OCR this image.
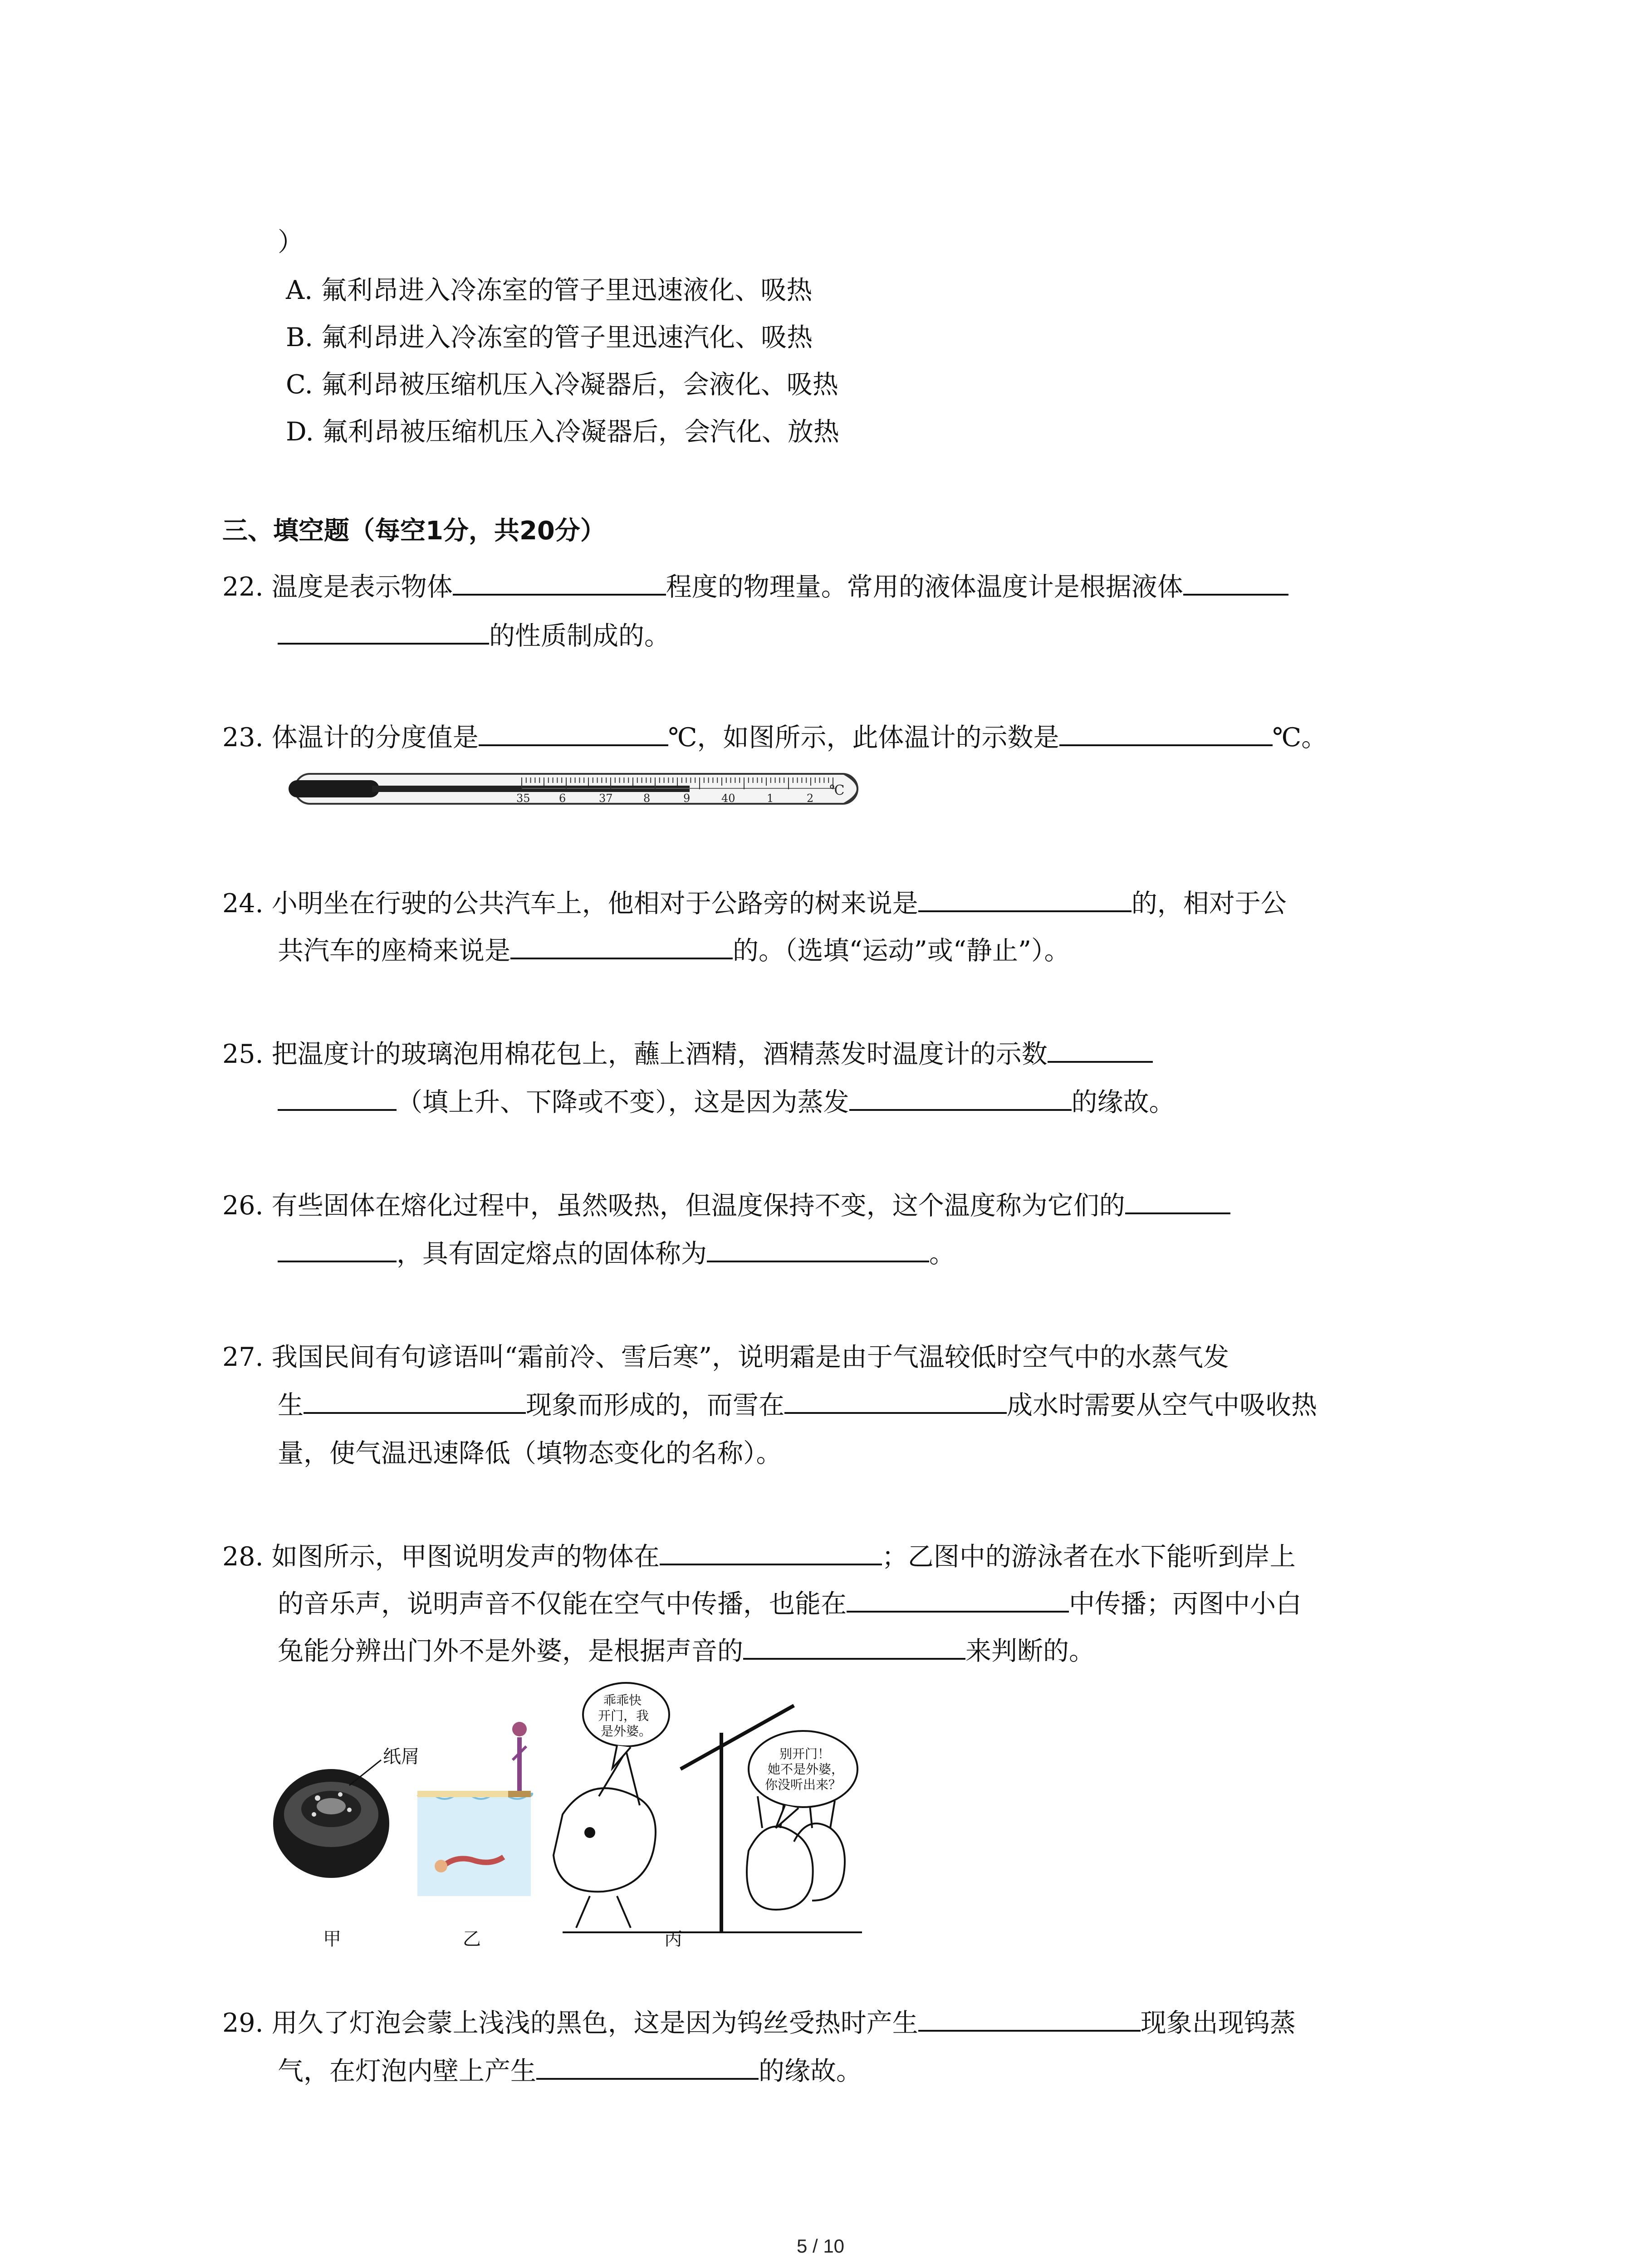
）
A. 氟利昂进入冷冻室的管子里迅速液化、吸热
B. 氟利昂进入冷冻室的管子里迅速汽化、吸热
C. 氟利昂被压缩机压入冷凝器后，会液化、吸热
D. 氟利昂被压缩机压入冷凝器后，会汽化、放热
三、填空题（每空1分，共20分）
22. 温度是表示物体	程度的物理量。常用的液体温度计是根据液体
的性质制成的。
23. 体温计的分度值是	℃，如图所示，此体温计的示数是	℃。
35	6	37	8	9	40	1	2 ℃
24. 小明坐在行驶的公共汽车上，他相对于公路旁的树来说是	的，相对于公
共汽车的座椅来说是	的。（选填“运动”或“静止”）。
25. 把温度计的玻璃泡用棉花包上，蘸上酒精，酒精蒸发时温度计的示数
（填上升、下降或不变），这是因为蒸发	的缘故。
26. 有些固体在熔化过程中，虽然吸热，但温度保持不变，这个温度称为它们的
，具有固定熔点的固体称为	。
27. 我国民间有句谚语叫“霜前冷、雪后寒”，说明霜是由于气温较低时空气中的水蒸气发
生	现象而形成的，而雪在	成水时需要从空气中吸收热
量，使气温迅速降低（填物态变化的名称）。
28. 如图所示，甲图说明发声的物体在	；乙图中的游泳者在水下能听到岸上
的音乐声，说明声音不仅能在空气中传播，也能在	中传播；丙图中小白
兔能分辨出门外不是外婆，是根据声音的	来判断的。
纸屑
乖乖快
开门，我
是外婆。
别开门！
她不是外婆，
你没听出来？
甲	乙	丙
29. 用久了灯泡会蒙上浅浅的黑色，这是因为钨丝受热时产生	现象出现钨蒸
气，在灯泡内壁上产生	的缘故。
5 / 10
